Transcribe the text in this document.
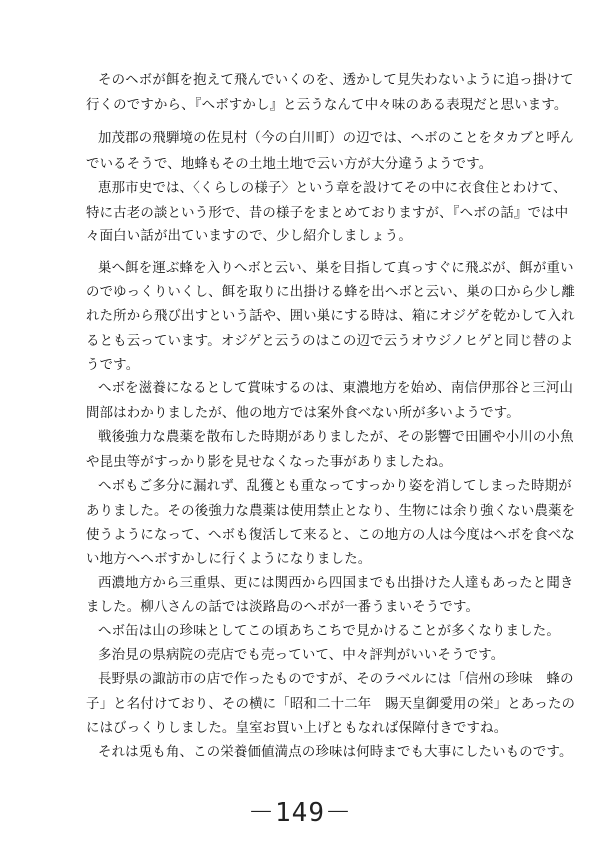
そのヘボが餌を抱えて飛んでいくのを、透かして見失わないように追っ掛けて
行くのですから、『へボすかし』と云うなんて中々味のある表現だと思います。
加茂郡の飛騨境の佐見村（今の白川町）の辺では、へボのことをタカブと呼ん
でいるそうで、地蜂もその土地土地で云い方が大分違うようです。
恵那市史では、〈くらしの様子〉という章を設けてその中に衣食住とわけて、
特に古老の談という形で、昔の様子をまとめておりますが、『へボの話』では中
々面白い話が出ていますので、少し紹介しましょう。
巣へ餌を運ぶ蜂を入りへボと云い、巣を目指して真っすぐに飛ぶが、餌が重い
のでゆっくりいくし、餌を取りに出掛ける蜂を出へボと云い、巣の口から少し離
れた所から飛び出すという話や、囲い巣にする時は、箱にオジゲを乾かして入れ
るとも云っています。オジゲと云うのはこの辺で云うオウジノヒゲと同じ替のよ
うです。
へボを滋養になるとして賞味するのは、東濃地方を始め、南信伊那谷と三河山
間部はわかりましたが、他の地方では案外食べない所が多いようです。
戦後強力な農薬を散布した時期がありましたが、その影響で田圃や小川の小魚
や昆虫等がすっかり影を見せなくなった事がありましたね。
へボもご多分に漏れず、乱獲とも重なってすっかり姿を消してしまった時期が
ありました。その後強力な農薬は使用禁止となり、生物には余り強くない農薬を
使うようになって、へボも復活して来ると、この地方の人は今度はへボを食べな
い地方へへボすかしに行くようになりました。
西濃地方から三重県、更には関西から四国までも出掛けた人達もあったと聞き
ました。柳八さんの話では淡路島のへボが一番うまいそうです。
へボ缶は山の珍味としてこの頃あちこちで見かけることが多くなりました。
多治見の県病院の売店でも売っていて、中々評判がいいそうです。
長野県の諏訪市の店で作ったものですが、そのラベルには「信州の珍味　蜂の
子」と名付けており、その横に「昭和二十二年　賜天皇御愛用の栄」とあったの
にはびっくりしました。皇室お買い上げともなれば保障付きですね。
それは兎も角、この栄養価値満点の珍味は何時までも大事にしたいものです。
－149－
